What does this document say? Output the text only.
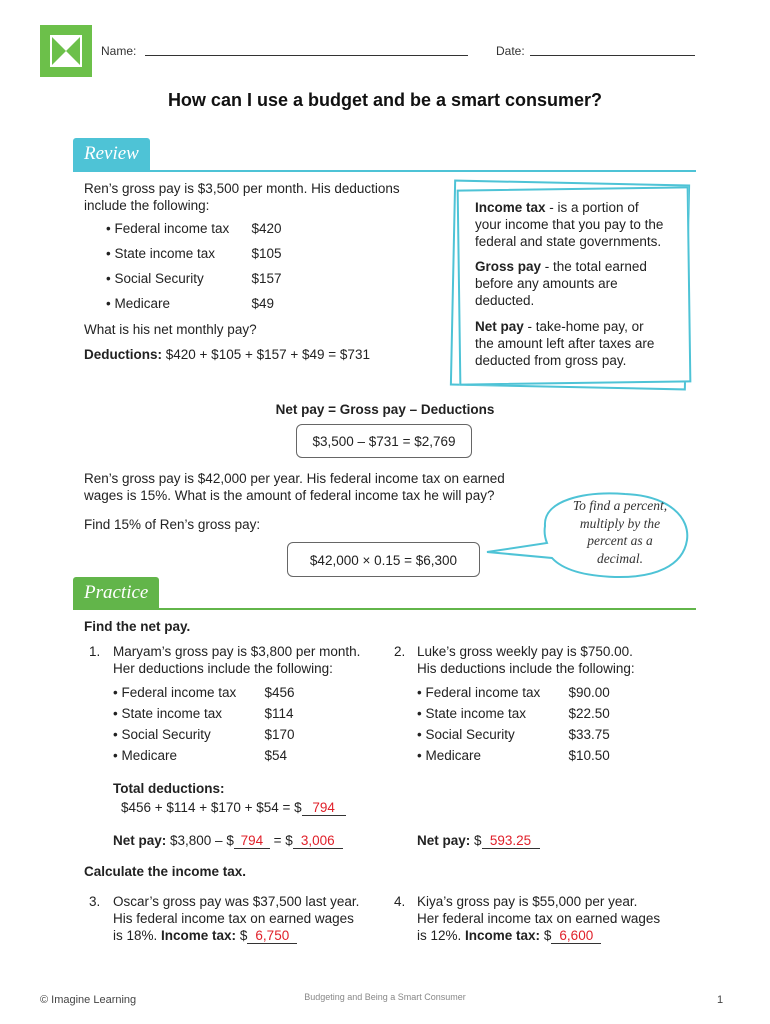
Name:	Date:
How can I use a budget and be a smart consumer?
Review
Ren’s gross pay is $3,500 per month. His deductions
include the following:
• Federal income tax $420
• State income tax	$105
• Social Security	$157
• Medicare	$49
What is his net monthly pay?
Deductions: $420 + $105 + $157 + $49 = $731
Income tax - is a portion of
your income that you pay to the
federal and state governments.
Gross pay - the total earned
before any amounts are
deducted.
Net pay - take-home pay, or
the amount left after taxes are
deducted from gross pay.
Net pay = Gross pay – Deductions
$3,500 – $731 = $2,769
Ren’s gross pay is $42,000 per year. His federal income tax on earned
wages is 15%. What is the amount of federal income tax he will pay?
Find 15% of Ren’s gross pay:
$42,000 × 0.15 = $6,300
To find a percent,
multiply by the
percent as a
decimal.
Practice
Find the net pay.
1. Maryam’s gross pay is $3,800 per month.
Her deductions include the following:
• Federal income tax $456
• State income tax	$114
• Social Security	$170
• Medicare	$54
Total deductions:
$456 + $114 + $170 + $54 = $ 794
Net pay: $3,800 – $ 794 = $ 3,006
2. Luke’s gross weekly pay is $750.00.
His deductions include the following:
• Federal income tax $90.00
• State income tax	$22.50
• Social Security	$33.75
• Medicare	$10.50
Net pay: $ 593.25
Calculate the income tax.
3. Oscar’s gross pay was $37,500 last year.
His federal income tax on earned wages
is 18%. Income tax: $ 6,750
4. Kiya’s gross pay is $55,000 per year.
Her federal income tax on earned wages
is 12%. Income tax: $ 6,600
© Imagine Learning	Budgeting and Being a Smart Consumer	1
